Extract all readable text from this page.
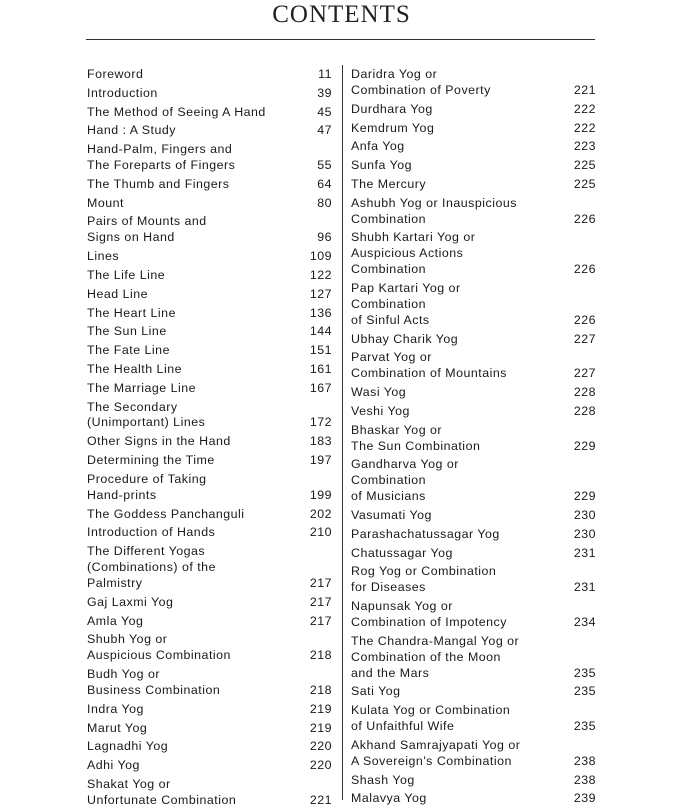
CONTENTS
Foreword	11
Introduction	39
The Method of Seeing A Hand	45
Hand : A Study	47
Hand-Palm, Fingers and
The Foreparts of Fingers	55
The Thumb and Fingers	64
Mount	80
Pairs of Mounts and
Signs on Hand	96
Lines	109
The Life Line	122
Head Line	127
The Heart Line	136
The Sun Line	144
The Fate Line	151
The Health Line	161
The Marriage Line	167
The Secondary
(Unimportant) Lines	172
Other Signs in the Hand	183
Determining the Time	197
Procedure of Taking
Hand-prints	199
The Goddess Panchanguli	202
Introduction of Hands	210
The Different Yogas
(Combinations) of the
Palmistry	217
Gaj Laxmi Yog	217
Amla Yog	217
Shubh Yog or
Auspicious Combination	218
Budh Yog or
Business Combination	218
Indra Yog	219
Marut Yog	219
Lagnadhi Yog	220
Adhi Yog	220
Shakat Yog or
Unfortunate Combination	221
Daridra Yog or
Combination of Poverty	221
Durdhara Yog	222
Kemdrum Yog	222
Anfa Yog	223
Sunfa Yog	225
The Mercury	225
Ashubh Yog or Inauspicious
Combination	226
Shubh Kartari Yog or
Auspicious Actions
Combination	226
Pap Kartari Yog or
Combination
of Sinful Acts	226
Ubhay Charik Yog	227
Parvat Yog or
Combination of Mountains	227
Wasi Yog	228
Veshi Yog	228
Bhaskar Yog or
The Sun Combination	229
Gandharva Yog or
Combination
of Musicians	229
Vasumati Yog	230
Parashachatussagar Yog	230
Chatussagar Yog	231
Rog Yog or Combination
for Diseases	231
Napunsak Yog or
Combination of Impotency	234
The Chandra-Mangal Yog or
Combination of the Moon
and the Mars	235
Sati Yog	235
Kulata Yog or Combination
of Unfaithful Wife	235
Akhand Samrajyapati Yog or
A Sovereign's Combination	238
Shash Yog	238
Malavya Yog	239
